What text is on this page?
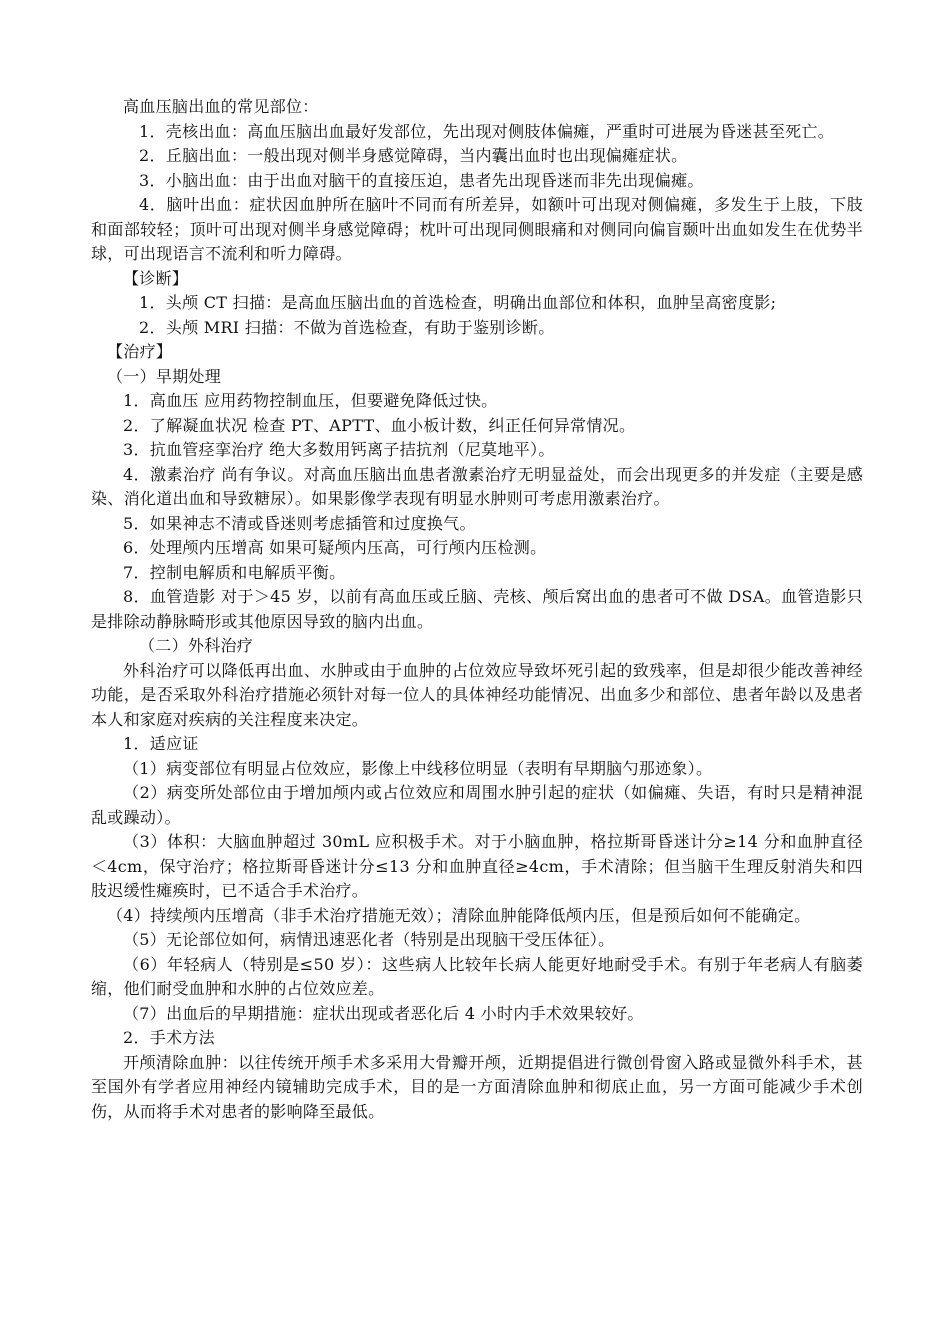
高血压脑出血的常见部位：

1．壳核出血：高血压脑出血最好发部位，先出现对侧肢体偏瘫，严重时可进展为昏迷甚至死亡。

2．丘脑出血：一般出现对侧半身感觉障碍，当内囊出血时也出现偏瘫症状。

3．小脑出血：由于出血对脑干的直接压迫，患者先出现昏迷而非先出现偏瘫。

4．脑叶出血：症状因血肿所在脑叶不同而有所差异，如额叶可出现对侧偏瘫，多发生于上肢，下肢和面部较轻；顶叶可出现对侧半身感觉障碍；枕叶可出现同侧眼痛和对侧同向偏盲颞叶出血如发生在优势半球，可出现语言不流利和听力障碍。

【诊断】

1．头颅 CT 扫描：是高血压脑出血的首选检查，明确出血部位和体积，血肿呈高密度影;

2．头颅 MRI 扫描：不做为首选检查，有助于鉴别诊断。

【治疗】

（一）早期处理

1．高血压 应用药物控制血压，但要避免降低过快。

2．了解凝血状况 检查 PT、APTT、血小板计数，纠正任何异常情况。

3．抗血管痉挛治疗 绝大多数用钙离子拮抗剂（尼莫地平）。

4．激素治疗 尚有争议。对高血压脑出血患者激素治疗无明显益处，而会出现更多的并发症（主要是感染、消化道出血和导致糖尿）。如果影像学表现有明显水肿则可考虑用激素治疗。

5．如果神志不清或昏迷则考虑插管和过度换气。

6．处理颅内压增高 如果可疑颅内压高，可行颅内压检测。

7．控制电解质和电解质平衡。

8．血管造影 对于＞45 岁，以前有高血压或丘脑、壳核、颅后窝出血的患者可不做 DSA。血管造影只是排除动静脉畸形或其他原因导致的脑内出血。

（二）外科治疗

外科治疗可以降低再出血、水肿或由于血肿的占位效应导致坏死引起的致残率，但是却很少能改善神经功能，是否采取外科治疗措施必须针对每一位人的具体神经功能情况、出血多少和部位、患者年龄以及患者本人和家庭对疾病的关注程度来决定。

1．适应证

（1）病变部位有明显占位效应，影像上中线移位明显（表明有早期脑勺那迹象）。

（2）病变所处部位由于增加颅内或占位效应和周围水肿引起的症状（如偏瘫、失语，有时只是精神混乱或躁动）。

（3）体积：大脑血肿超过 30mL 应积极手术。对于小脑血肿，格拉斯哥昏迷计分≥14 分和血肿直径＜4cm，保守治疗；格拉斯哥昏迷计分≤13 分和血肿直径≥4cm，手术清除；但当脑干生理反射消失和四肢迟缓性瘫痪时，已不适合手术治疗。

（4）持续颅内压增高（非手术治疗措施无效）；清除血肿能降低颅内压，但是预后如何不能确定。

（5）无论部位如何，病情迅速恶化者（特别是出现脑干受压体征）。

（6）年轻病人（特别是≤50 岁）：这些病人比较年长病人能更好地耐受手术。有别于年老病人有脑萎缩，他们耐受血肿和水肿的占位效应差。

（7）出血后的早期措施：症状出现或者恶化后 4 小时内手术效果较好。

2．手术方法

开颅清除血肿：以往传统开颅手术多采用大骨瓣开颅，近期提倡进行微创骨窗入路或显微外科手术，甚至国外有学者应用神经内镜辅助完成手术，目的是一方面清除血肿和彻底止血，另一方面可能减少手术创伤，从而将手术对患者的影响降至最低。
